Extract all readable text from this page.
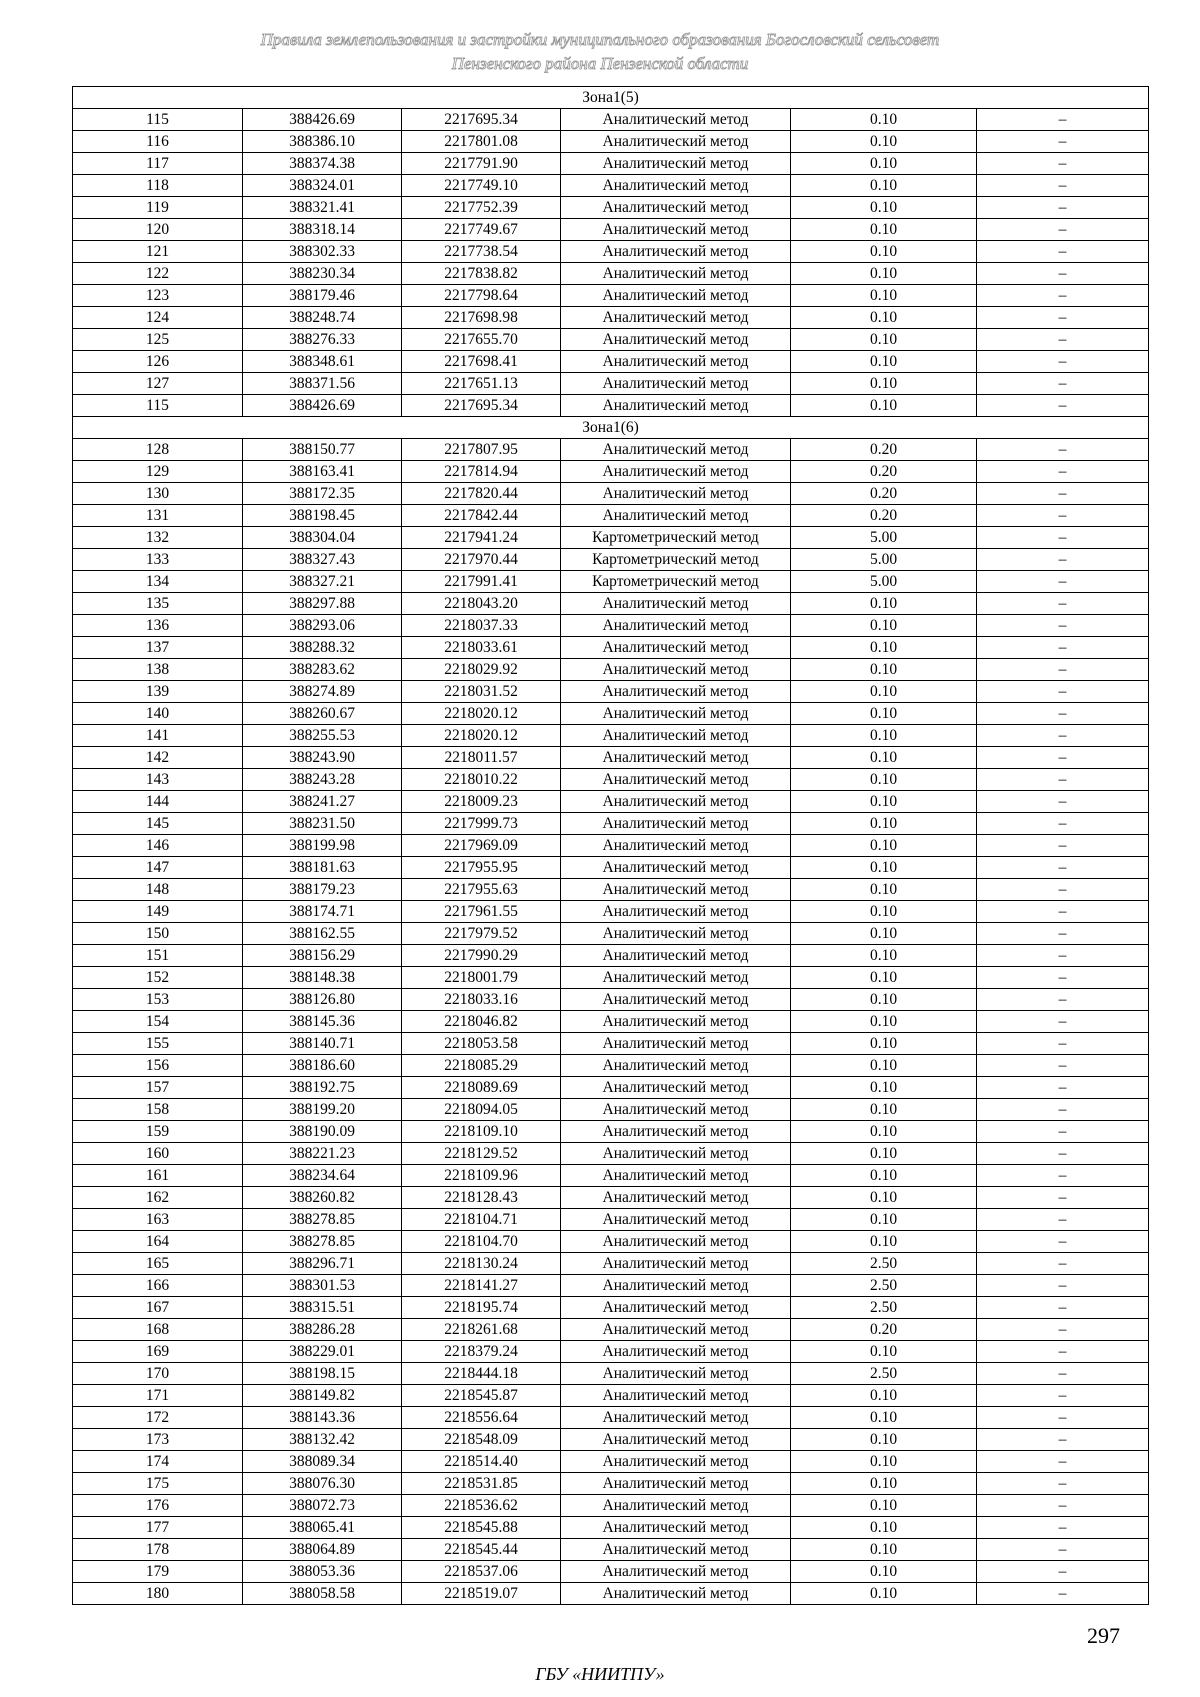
Правила землепользования и застройки муниципального образования Богословский сельсовет
Пензенского района Пензенской области
Зона1(5)					
115	388426.69	2217695.34	Аналитический метод	0.10	–
116	388386.10	2217801.08	Аналитический метод	0.10	–
117	388374.38	2217791.90	Аналитический метод	0.10	–
118	388324.01	2217749.10	Аналитический метод	0.10	–
119	388321.41	2217752.39	Аналитический метод	0.10	–
120	388318.14	2217749.67	Аналитический метод	0.10	–
121	388302.33	2217738.54	Аналитический метод	0.10	–
122	388230.34	2217838.82	Аналитический метод	0.10	–
123	388179.46	2217798.64	Аналитический метод	0.10	–
124	388248.74	2217698.98	Аналитический метод	0.10	–
125	388276.33	2217655.70	Аналитический метод	0.10	–
126	388348.61	2217698.41	Аналитический метод	0.10	–
127	388371.56	2217651.13	Аналитический метод	0.10	–
115	388426.69	2217695.34	Аналитический метод	0.10	–
Зона1(6)					
128	388150.77	2217807.95	Аналитический метод	0.20	–
129	388163.41	2217814.94	Аналитический метод	0.20	–
130	388172.35	2217820.44	Аналитический метод	0.20	–
131	388198.45	2217842.44	Аналитический метод	0.20	–
132	388304.04	2217941.24	Картометрический метод	5.00	–
133	388327.43	2217970.44	Картометрический метод	5.00	–
134	388327.21	2217991.41	Картометрический метод	5.00	–
135	388297.88	2218043.20	Аналитический метод	0.10	–
136	388293.06	2218037.33	Аналитический метод	0.10	–
137	388288.32	2218033.61	Аналитический метод	0.10	–
138	388283.62	2218029.92	Аналитический метод	0.10	–
139	388274.89	2218031.52	Аналитический метод	0.10	–
140	388260.67	2218020.12	Аналитический метод	0.10	–
141	388255.53	2218020.12	Аналитический метод	0.10	–
142	388243.90	2218011.57	Аналитический метод	0.10	–
143	388243.28	2218010.22	Аналитический метод	0.10	–
144	388241.27	2218009.23	Аналитический метод	0.10	–
145	388231.50	2217999.73	Аналитический метод	0.10	–
146	388199.98	2217969.09	Аналитический метод	0.10	–
147	388181.63	2217955.95	Аналитический метод	0.10	–
148	388179.23	2217955.63	Аналитический метод	0.10	–
149	388174.71	2217961.55	Аналитический метод	0.10	–
150	388162.55	2217979.52	Аналитический метод	0.10	–
151	388156.29	2217990.29	Аналитический метод	0.10	–
152	388148.38	2218001.79	Аналитический метод	0.10	–
153	388126.80	2218033.16	Аналитический метод	0.10	–
154	388145.36	2218046.82	Аналитический метод	0.10	–
155	388140.71	2218053.58	Аналитический метод	0.10	–
156	388186.60	2218085.29	Аналитический метод	0.10	–
157	388192.75	2218089.69	Аналитический метод	0.10	–
158	388199.20	2218094.05	Аналитический метод	0.10	–
159	388190.09	2218109.10	Аналитический метод	0.10	–
160	388221.23	2218129.52	Аналитический метод	0.10	–
161	388234.64	2218109.96	Аналитический метод	0.10	–
162	388260.82	2218128.43	Аналитический метод	0.10	–
163	388278.85	2218104.71	Аналитический метод	0.10	–
164	388278.85	2218104.70	Аналитический метод	0.10	–
165	388296.71	2218130.24	Аналитический метод	2.50	–
166	388301.53	2218141.27	Аналитический метод	2.50	–
167	388315.51	2218195.74	Аналитический метод	2.50	–
168	388286.28	2218261.68	Аналитический метод	0.20	–
169	388229.01	2218379.24	Аналитический метод	0.10	–
170	388198.15	2218444.18	Аналитический метод	2.50	–
171	388149.82	2218545.87	Аналитический метод	0.10	–
172	388143.36	2218556.64	Аналитический метод	0.10	–
173	388132.42	2218548.09	Аналитический метод	0.10	–
174	388089.34	2218514.40	Аналитический метод	0.10	–
175	388076.30	2218531.85	Аналитический метод	0.10	–
176	388072.73	2218536.62	Аналитический метод	0.10	–
177	388065.41	2218545.88	Аналитический метод	0.10	–
178	388064.89	2218545.44	Аналитический метод	0.10	–
179	388053.36	2218537.06	Аналитический метод	0.10	–
180	388058.58	2218519.07	Аналитический метод	0.10	–
297
ГБУ «НИИТПУ»
